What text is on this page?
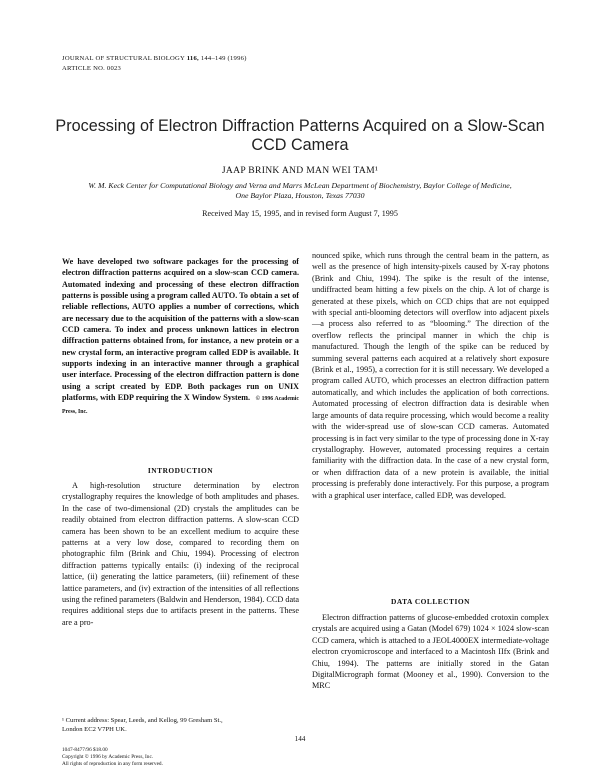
JOURNAL OF STRUCTURAL BIOLOGY 116, 144–149 (1996)
ARTICLE NO. 0023
Processing of Electron Diffraction Patterns Acquired on a Slow-Scan
CCD Camera
JAAP BRINK AND MAN WEI TAM¹
W. M. Keck Center for Computational Biology and Verna and Marrs McLean Department of Biochemistry, Baylor College of Medicine,
One Baylor Plaza, Houston, Texas 77030
Received May 15, 1995, and in revised form August 7, 1995
We have developed two software packages for the processing of electron diffraction patterns acquired on a slow-scan CCD camera. Automated indexing and processing of these electron diffraction patterns is possible using a program called AUTO. To obtain a set of reliable reflections, AUTO applies a number of corrections, which are necessary due to the acquisition of the patterns with a slow-scan CCD camera. To index and process unknown lattices in electron diffraction patterns obtained from, for instance, a new protein or a new crystal form, an interactive program called EDP is available. It supports indexing in an interactive manner through a graphical user interface. Processing of the electron diffraction pattern is done using a script created by EDP. Both packages run on UNIX platforms, with EDP requiring the X Window System. © 1996 Academic Press, Inc.
INTRODUCTION

A high-resolution structure determination by electron crystallography requires the knowledge of both amplitudes and phases. In the case of two-dimensional (2D) crystals the amplitudes can be readily obtained from electron diffraction patterns. A slow-scan CCD camera has been shown to be an excellent medium to acquire these patterns at a very low dose, compared to recording them on photographic film (Brink and Chiu, 1994). Processing of electron diffraction patterns typically entails: (i) indexing of the reciprocal lattice, (ii) generating the lattice parameters, (iii) refinement of these lattice parameters, and (iv) extraction of the intensities of all reflections using the refined parameters (Baldwin and Henderson, 1984). CCD data requires additional steps due to artifacts present in the patterns. These are a pro-

nounced spike, which runs through the central beam in the pattern, as well as the presence of high intensity-pixels caused by X-ray photons (Brink and Chiu, 1994). The spike is the result of the intense, undiffracted beam hitting a few pixels on the chip. A lot of charge is generated at these pixels, which on CCD chips that are not equipped with special anti-blooming detectors will overflow into adjacent pixels—a process also referred to as “blooming.” The direction of the overflow reflects the principal manner in which the chip is manufactured. Though the length of the spike can be reduced by summing several patterns each acquired at a relatively short exposure (Brink et al., 1995), a correction for it is still necessary. We developed a program called AUTO, which processes an electron diffraction pattern automatically, and which includes the application of both corrections. Automated processing of electron diffraction data is desirable when large amounts of data require processing, which would become a reality with the wider-spread use of slow-scan CCD cameras. Automated processing is in fact very similar to the type of processing done in X-ray crystallography. However, automated processing requires a certain familiarity with the diffraction data. In the case of a new crystal form, or when diffraction data of a new protein is available, the initial processing is preferably done interactively. For this purpose, a program with a graphical user interface, called EDP, was developed.

DATA COLLECTION

Electron diffraction patterns of glucose-embedded crotoxin complex crystals are acquired using a Gatan (Model 679) 1024 × 1024 slow-scan CCD camera, which is attached to a JEOL4000EX intermediate-voltage electron cryomicroscope and interfaced to a Macintosh IIfx (Brink and Chiu, 1994). The patterns are initially stored in the Gatan DigitalMicrograph format (Mooney et al., 1990). Conversion to the MRC

¹ Current address: Spear, Leeds, and Kellog, 99 Gresham St.,
London EC2 V7PH UK.
144
1047-8477/96 $18.00
Copyright © 1996 by Academic Press, Inc.
All rights of reproduction in any form reserved.
